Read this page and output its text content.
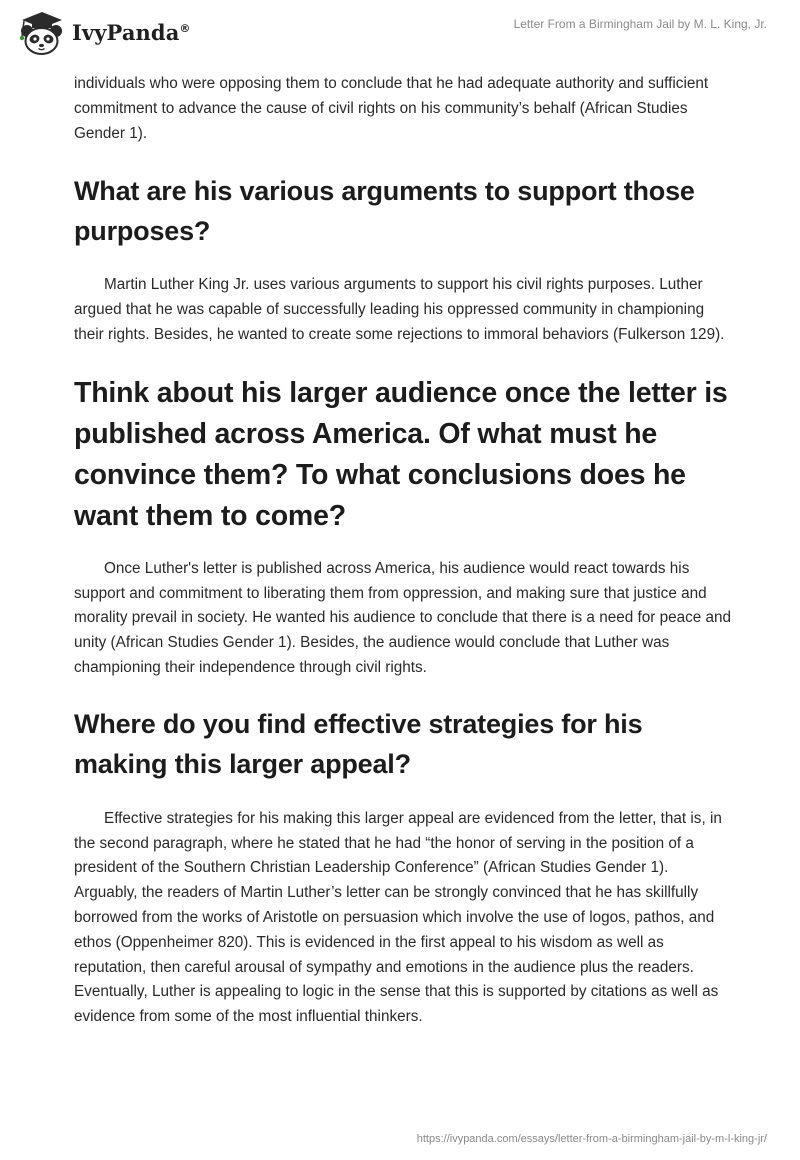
IvyPanda®	Letter From a Birmingham Jail by M. L. King, Jr.

individuals who were opposing them to conclude that he had adequate authority and sufficient commitment to advance the cause of civil rights on his community’s behalf (African Studies Gender 1).

What are his various arguments to support those purposes?

Martin Luther King Jr. uses various arguments to support his civil rights purposes. Luther argued that he was capable of successfully leading his oppressed community in championing their rights. Besides, he wanted to create some rejections to immoral behaviors (Fulkerson 129).

Think about his larger audience once the letter is published across America. Of what must he convince them? To what conclusions does he want them to come?

Once Luther's letter is published across America, his audience would react towards his support and commitment to liberating them from oppression, and making sure that justice and morality prevail in society. He wanted his audience to conclude that there is a need for peace and unity (African Studies Gender 1). Besides, the audience would conclude that Luther was championing their independence through civil rights.

Where do you find effective strategies for his making this larger appeal?

Effective strategies for his making this larger appeal are evidenced from the letter, that is, in the second paragraph, where he stated that he had “the honor of serving in the position of a president of the Southern Christian Leadership Conference” (African Studies Gender 1). Arguably, the readers of Martin Luther’s letter can be strongly convinced that he has skillfully borrowed from the works of Aristotle on persuasion which involve the use of logos, pathos, and ethos (Oppenheimer 820). This is evidenced in the first appeal to his wisdom as well as reputation, then careful arousal of sympathy and emotions in the audience plus the readers. Eventually, Luther is appealing to logic in the sense that this is supported by citations as well as evidence from some of the most influential thinkers.

https://ivypanda.com/essays/letter-from-a-birmingham-jail-by-m-l-king-jr/
